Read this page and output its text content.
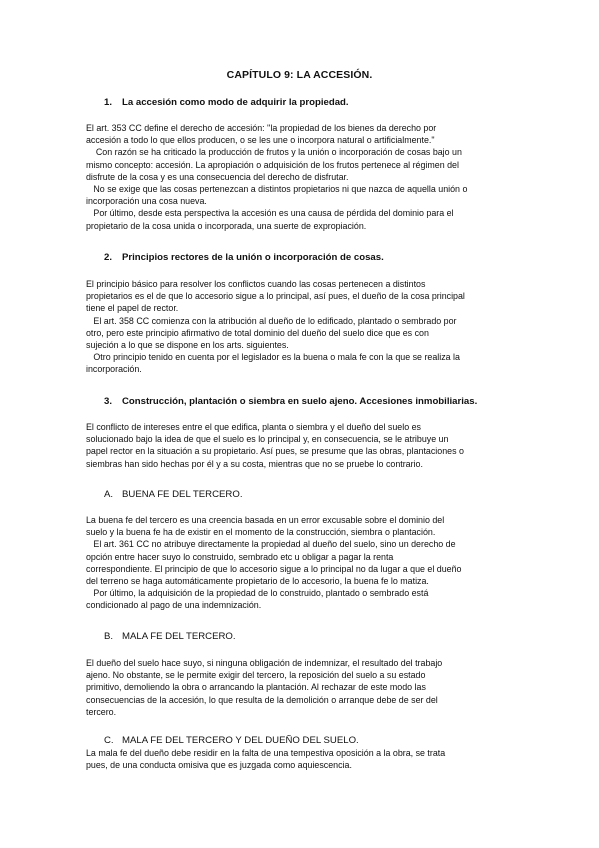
CAPÍTULO 9: LA ACCESIÓN.
1. La accesión como modo de adquirir la propiedad.
El art. 353 CC define el derecho de accesión: ''la propiedad de los bienes da derecho por
accesión a todo lo que ellos producen, o se les une o incorpora natural o artificialmente."
Con razón se ha criticado la producción de frutos y la unión o incorporación de cosas bajo un
mismo concepto: accesión. La apropiación o adquisición de los frutos pertenece al régimen del
disfrute de la cosa y es una consecuencia del derecho de disfrutar.
No se exige que las cosas pertenezcan a distintos propietarios ni que nazca de aquella unión o
incorporación una cosa nueva.
Por último, desde esta perspectiva la accesión es una causa de pérdida del dominio para el
propietario de la cosa unida o incorporada, una suerte de expropiación.
2. Principios rectores de la unión o incorporación de cosas.
El principio básico para resolver los conflictos cuando las cosas pertenecen a distintos
propietarios es el de que lo accesorio sigue a lo principal, así pues, el dueño de la cosa principal
tiene el papel de rector.
El art. 358 CC comienza con la atribución al dueño de lo edificado, plantado o sembrado por
otro, pero este principio afirmativo de total dominio del dueño del suelo dice que es con
sujeción a lo que se dispone en los arts. siguientes.
Otro principio tenido en cuenta por el legislador es la buena o mala fe con la que se realiza la
incorporación.
3. Construcción, plantación o siembra en suelo ajeno. Accesiones inmobiliarias.
El conflicto de intereses entre el que edifica, planta o siembra y el dueño del suelo es
solucionado bajo la idea de que el suelo es lo principal y, en consecuencia, se le atribuye un
papel rector en la situación a su propietario. Así pues, se presume que las obras, plantaciones o
siembras han sido hechas por él y a su costa, mientras que no se pruebe lo contrario.
A. BUENA FE DEL TERCERO.
La buena fe del tercero es una creencia basada en un error excusable sobre el dominio del
suelo y la buena fe ha de existir en el momento de la construcción, siembra o plantación.
El art. 361 CC no atribuye directamente la propiedad al dueño del suelo, sino un derecho de
opción entre hacer suyo lo construido, sembrado etc u obligar a pagar la renta
correspondiente. El principio de que lo accesorio sigue a lo principal no da lugar a que el dueño
del terreno se haga automáticamente propietario de lo accesorio, la buena fe lo matiza.
Por último, la adquisición de la propiedad de lo construido, plantado o sembrado está
condicionado al pago de una indemnización.
B. MALA FE DEL TERCERO.
El dueño del suelo hace suyo, si ninguna obligación de indemnizar, el resultado del trabajo
ajeno. No obstante, se le permite exigir del tercero, la reposición del suelo a su estado
primitivo, demoliendo la obra o arrancando la plantación. Al rechazar de este modo las
consecuencias de la accesión, lo que resulta de la demolición o arranque debe de ser del
tercero.
C. MALA FE DEL TERCERO Y DEL DUEÑO DEL SUELO.
La mala fe del dueño debe residir en la falta de una tempestiva oposición a la obra, se trata
pues, de una conducta omisiva que es juzgada como aquiescencia.
